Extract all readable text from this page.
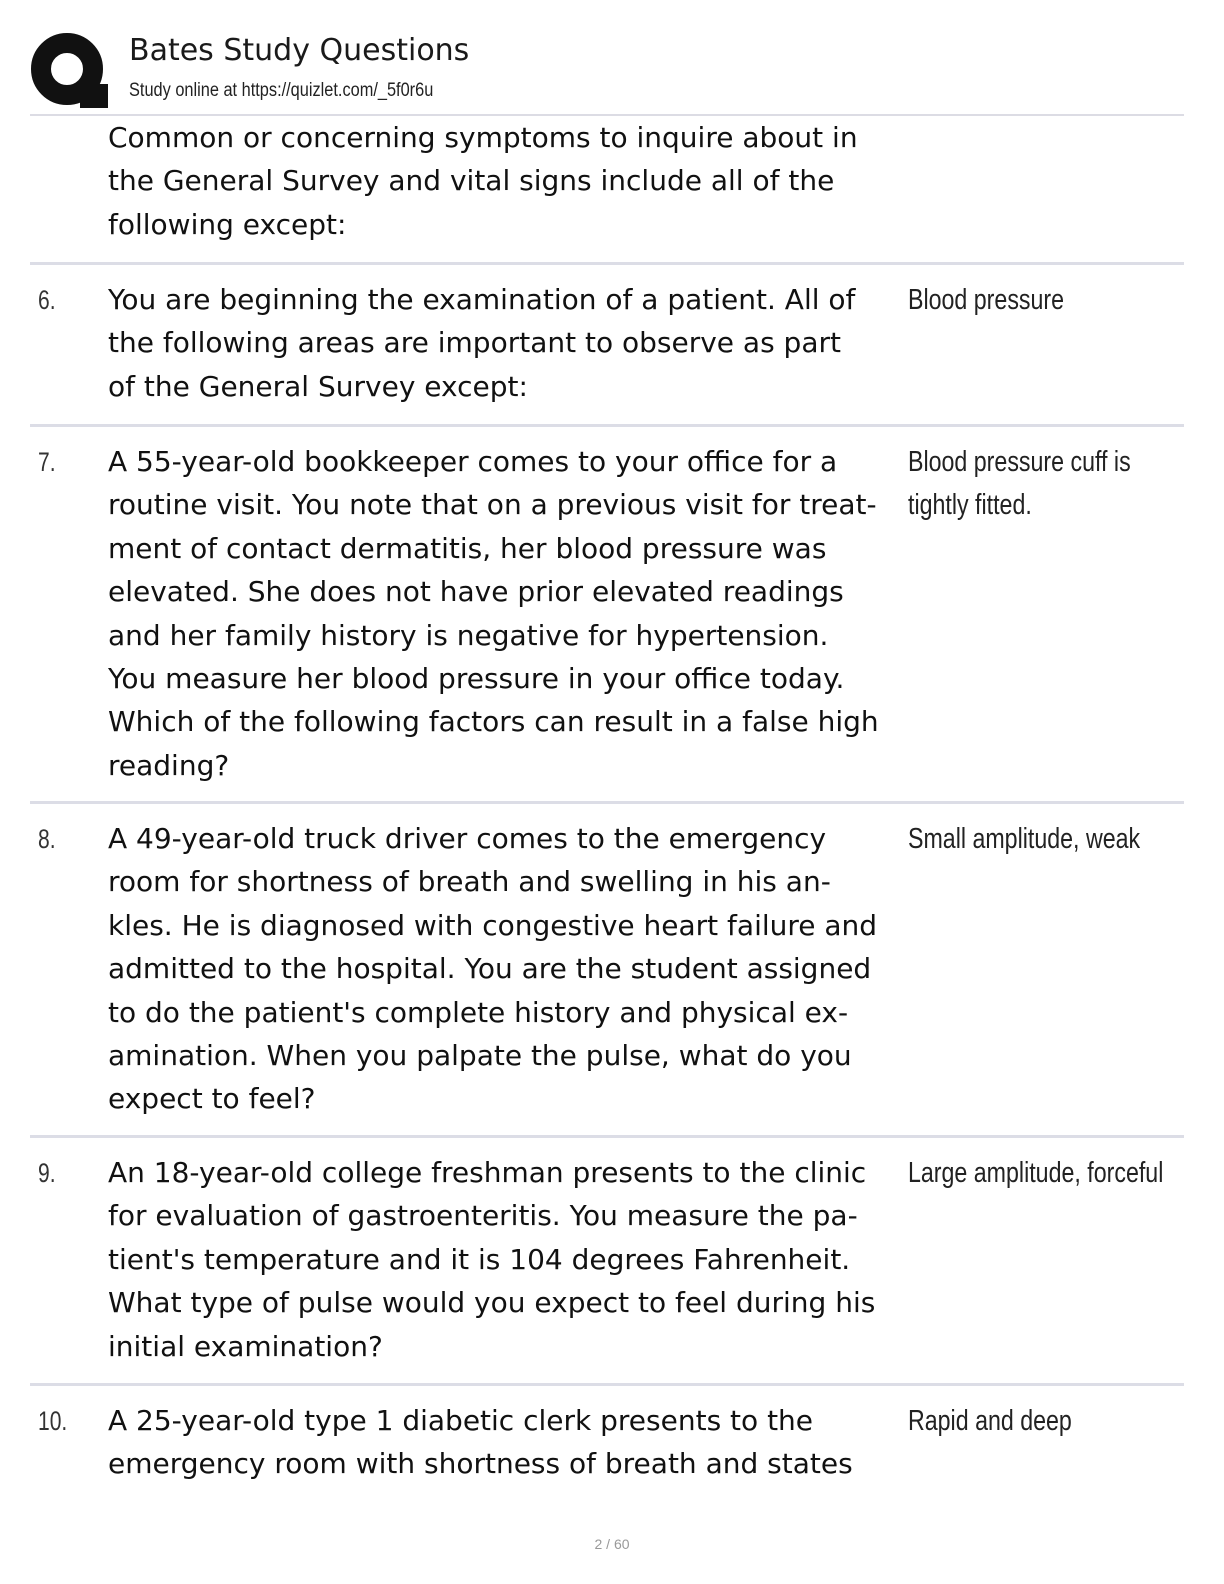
Bates Study Questions
Study online at https://quizlet.com/_5f0r6u
Common or concerning symptoms to inquire about in
the General Survey and vital signs include all of the
following except:
6. You are beginning the examination of a patient. All of
the following areas are important to observe as part
of the General Survey except:
Blood pressure
7. A 55-year-old bookkeeper comes to your office for a
routine visit. You note that on a previous visit for treat-
ment of contact dermatitis, her blood pressure was
elevated. She does not have prior elevated readings
and her family history is negative for hypertension.
You measure her blood pressure in your office today.
Which of the following factors can result in a false high
reading?
Blood pressure cuff is
tightly fitted.
8. A 49-year-old truck driver comes to the emergency
room for shortness of breath and swelling in his an-
kles. He is diagnosed with congestive heart failure and
admitted to the hospital. You are the student assigned
to do the patient's complete history and physical ex-
amination. When you palpate the pulse, what do you
expect to feel?
Small amplitude, weak
9. An 18-year-old college freshman presents to the clinic
for evaluation of gastroenteritis. You measure the pa-
tient's temperature and it is 104 degrees Fahrenheit.
What type of pulse would you expect to feel during his
initial examination?
Large amplitude, forceful
10. A 25-year-old type 1 diabetic clerk presents to the
emergency room with shortness of breath and states
Rapid and deep
2 / 60
